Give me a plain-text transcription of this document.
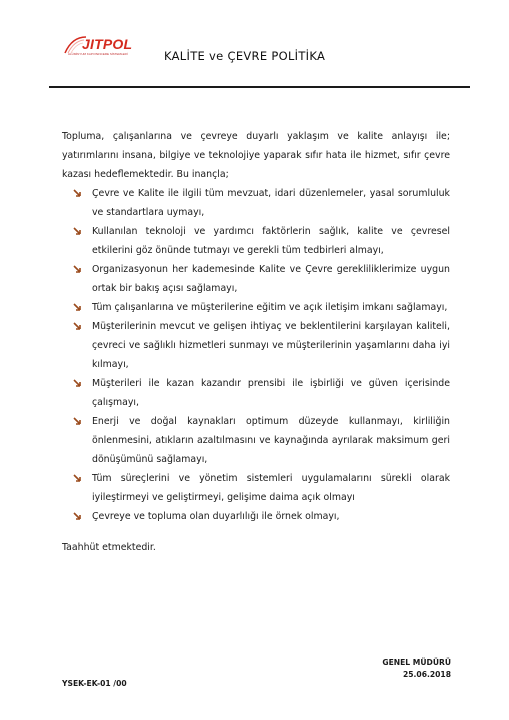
JITPOL
ALÜMİNYUM KAPI PENCERE SİSTEMLERİ	KALİTE ve ÇEVRE POLİTİKA
Topluma, çalışanlarına ve çevreye duyarlı yaklaşım ve kalite anlayışı ile; yatırımlarını insana, bilgiye ve teknolojiye yaparak sıfır hata ile hizmet, sıfır çevre kazası hedeflemektedir. Bu inançla;
Çevre ve Kalite ile ilgili tüm mevzuat, idari düzenlemeler, yasal sorumluluk ve standartlara uymayı,
Kullanılan teknoloji ve yardımcı faktörlerin sağlık, kalite ve çevresel etkilerini göz önünde tutmayı ve gerekli tüm tedbirleri almayı,
Organizasyonun her kademesinde Kalite ve Çevre gerekliliklerimize uygun ortak bir bakış açısı sağlamayı,
Tüm çalışanlarına ve müşterilerine eğitim ve açık iletişim imkanı sağlamayı,
Müşterilerinin mevcut ve gelişen ihtiyaç ve beklentilerini karşılayan kaliteli, çevreci ve sağlıklı hizmetleri sunmayı ve müşterilerinin yaşamlarını daha iyi kılmayı,
Müşterileri ile kazan kazandır prensibi ile işbirliği ve güven içerisinde çalışmayı,
Enerji ve doğal kaynakları optimum düzeyde kullanmayı, kirliliğin önlenmesini, atıkların azaltılmasını ve kaynağında ayrılarak maksimum geri dönüşümünü sağlamayı,
Tüm süreçlerini ve yönetim sistemleri uygulamalarını sürekli olarak iyileştirmeyi ve geliştirmeyi, gelişime daima açık olmayı
Çevreye ve topluma olan duyarlılığı ile örnek olmayı,
Taahhüt etmektedir.
GENEL MÜDÜRÜ
25.06.2018
YSEK-EK-01 /00
